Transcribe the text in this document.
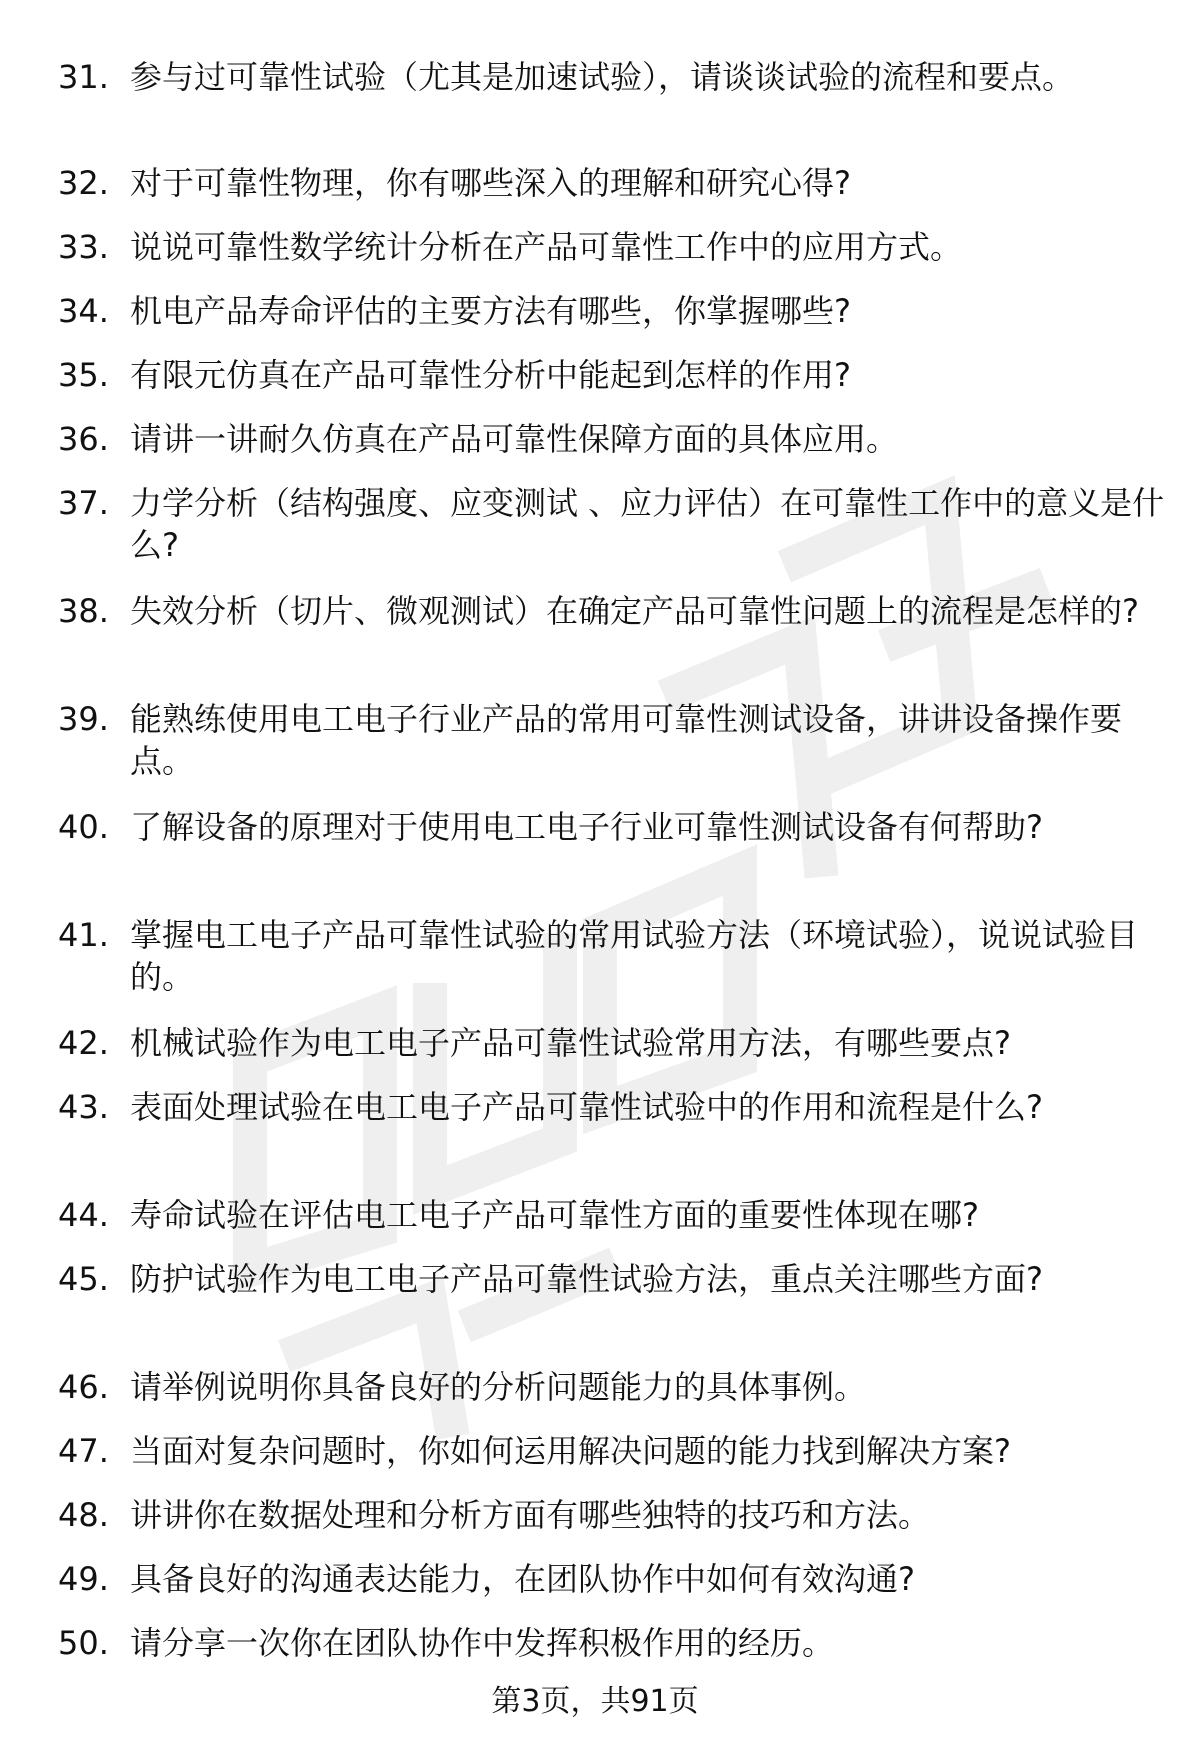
31. 参与过可靠性试验（尤其是加速试验），请谈谈试验的流程和要点。
32. 对于可靠性物理，你有哪些深入的理解和研究心得?
33. 说说可靠性数学统计分析在产品可靠性工作中的应用方式。
34. 机电产品寿命评估的主要方法有哪些，你掌握哪些?
35. 有限元仿真在产品可靠性分析中能起到怎样的作用?
36. 请讲一讲耐久仿真在产品可靠性保障方面的具体应用。
37. 力学分析（结构强度、应变测试 、应力评估）在可靠性工作中的意义是什么?
38. 失效分析（切片、微观测试）在确定产品可靠性问题上的流程是怎样的?
39. 能熟练使用电工电子行业产品的常用可靠性测试设备，讲讲设备操作要点。
40. 了解设备的原理对于使用电工电子行业可靠性测试设备有何帮助?
41. 掌握电工电子产品可靠性试验的常用试验方法（环境试验），说说试验目的。
42. 机械试验作为电工电子产品可靠性试验常用方法，有哪些要点?
43. 表面处理试验在电工电子产品可靠性试验中的作用和流程是什么?
44. 寿命试验在评估电工电子产品可靠性方面的重要性体现在哪?
45. 防护试验作为电工电子产品可靠性试验方法，重点关注哪些方面?
46. 请举例说明你具备良好的分析问题能力的具体事例。
47. 当面对复杂问题时，你如何运用解决问题的能力找到解决方案?
48. 讲讲你在数据处理和分析方面有哪些独特的技巧和方法。
49. 具备良好的沟通表达能力，在团队协作中如何有效沟通?
50. 请分享一次你在团队协作中发挥积极作用的经历。
第3页，共91页
